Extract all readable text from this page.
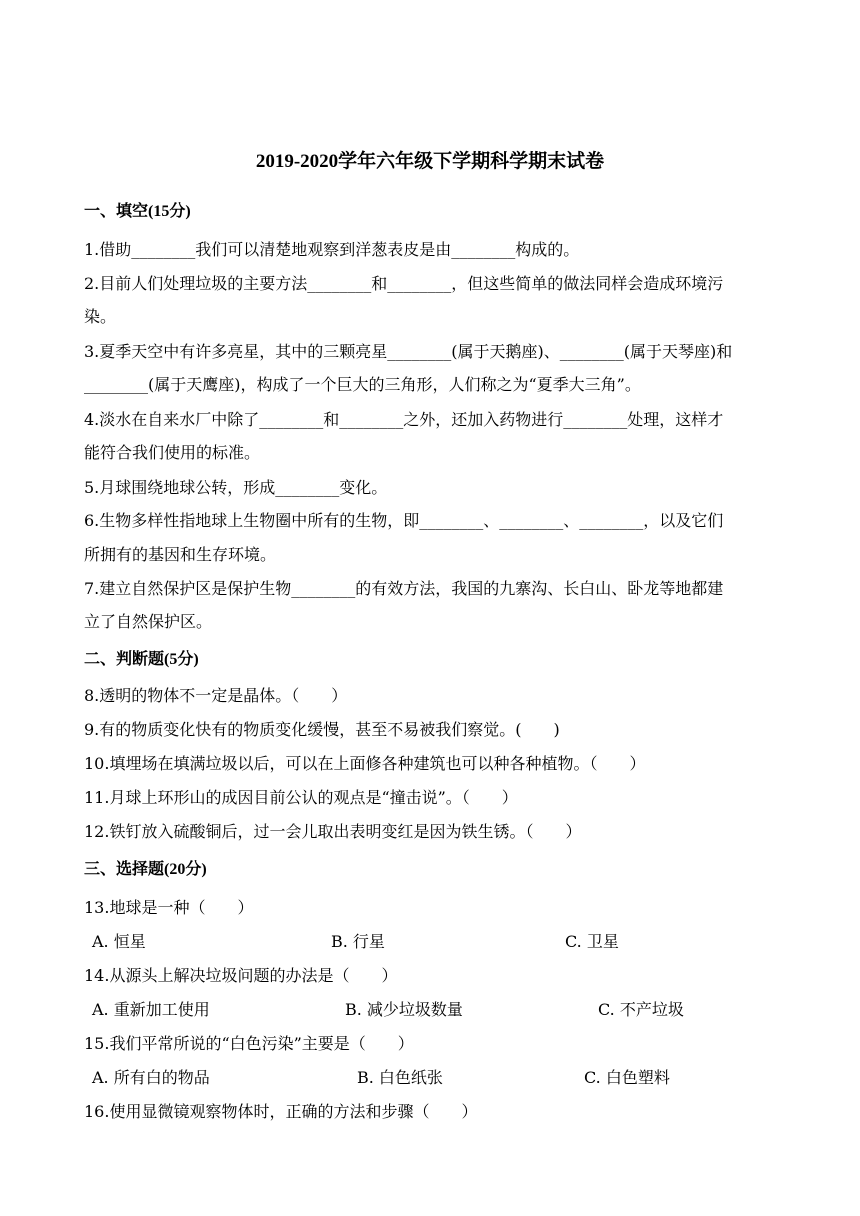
2019-2020学年六年级下学期科学期末试卷
一、填空(15分)
1.借助________我们可以清楚地观察到洋葱表皮是由________构成的。
2.目前人们处理垃圾的主要方法________和________，但这些简单的做法同样会造成环境污
染。
3.夏季天空中有许多亮星，其中的三颗亮星________(属于天鹅座)、________(属于天琴座)和
________(属于天鹰座)，构成了一个巨大的三角形，人们称之为“夏季大三角”。
4.淡水在自来水厂中除了________和________之外，还加入药物进行________处理，这样才
能符合我们使用的标准。
5.月球围绕地球公转，形成________变化。
6.生物多样性指地球上生物圈中所有的生物，即________、________、________，以及它们
所拥有的基因和生存环境。
7.建立自然保护区是保护生物________的有效方法，我国的九寨沟、长白山、卧龙等地都建
立了自然保护区。
二、判断题(5分)
8.透明的物体不一定是晶体。（　　）
9.有的物质变化快有的物质变化缓慢，甚至不易被我们察觉。(　　)
10.填埋场在填满垃圾以后，可以在上面修各种建筑也可以种各种植物。（　　）
11.月球上环形山的成因目前公认的观点是“撞击说”。（　　）
12.铁钉放入硫酸铜后，过一会儿取出表明变红是因为铁生锈。（　　）
三、选择题(20分)
13.地球是一种（　　）
A. 恒星	B. 行星	C. 卫星
14.从源头上解决垃圾问题的办法是（　　）
A. 重新加工使用	B. 减少垃圾数量	C. 不产垃圾
15.我们平常所说的“白色污染”主要是（　　）
A. 所有白的物品	B. 白色纸张	C. 白色塑料
16.使用显微镜观察物体时，正确的方法和步骤（　　）
